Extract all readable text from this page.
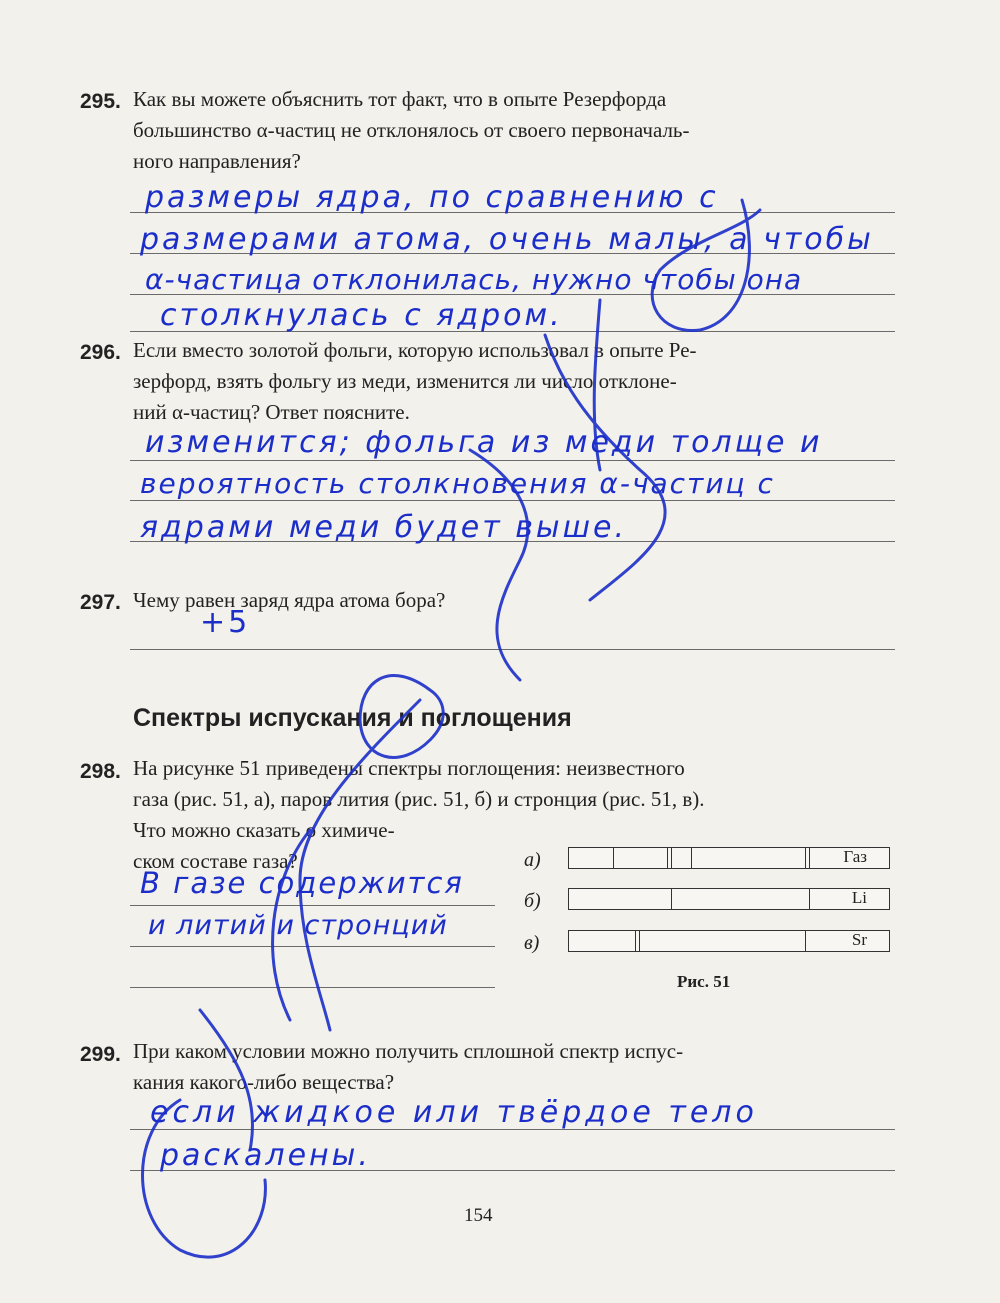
295. Как вы можете объяснить тот факт, что в опыте Резерфорда
большинство α-частиц не отклонялось от своего первоначаль-
ного направления?
размеры ядра, по сравнению с
размерами атома, очень малы, а чтобы
α-частица отклонилась, нужно чтобы она
столкнулась с ядром.
296. Если вместо золотой фольги, которую использовал в опыте Ре-
зерфорд, взять фольгу из меди, изменится ли число отклоне-
ний α-частиц? Ответ поясните.
изменится; фольга из меди толще и
вероятность столкновения α-частиц с
ядрами меди будет выше.
297. Чему равен заряд ядра атома бора?
+5
Спектры испускания и поглощения
298. На рисунке 51 приведены спектры поглощения: неизвестного
газа (рис. 51, а), паров лития (рис. 51, б) и стронция (рис. 51, в).
Что можно сказать о химиче-
ском составе газа?
В газе содержится
и литий и стронций
а)	Газ
б)	Li
в)	Sr
Рис. 51
299. При каком условии можно получить сплошной спектр испус-
кания какого-либо вещества?
если жидкое или твёрдое тело
раскалены.
154
